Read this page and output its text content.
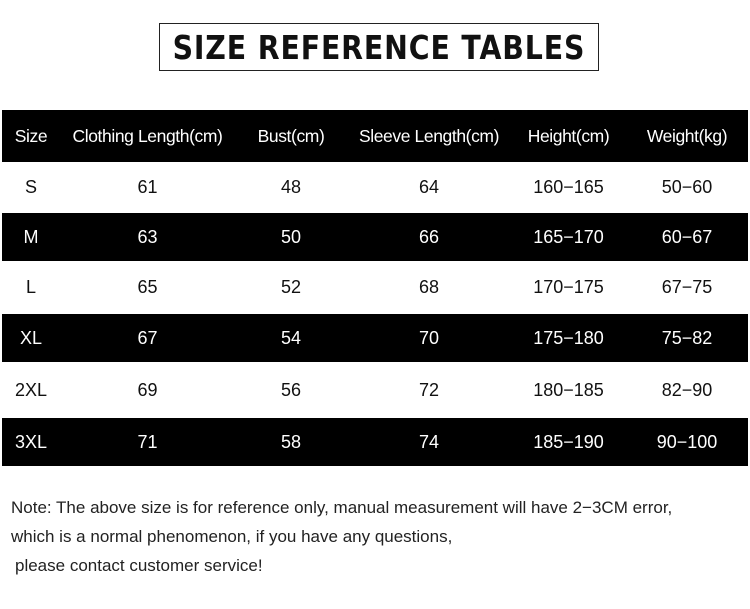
SIZE REFERENCE TABLES
Size	Clothing Length(cm)	Bust(cm)	Sleeve Length(cm)	Height(cm)	Weight(kg)
S	61	48	64	160−165	50−60
M	63	50	66	165−170	60−67
L	65	52	68	170−175	67−75
XL	67	54	70	175−180	75−82
2XL	69	56	72	180−185	82−90
3XL	71	58	74	185−190	90−100
Note: The above size is for reference only, manual measurement will have 2−3CM error,
which is a normal phenomenon, if you have any questions,
please contact customer service!
